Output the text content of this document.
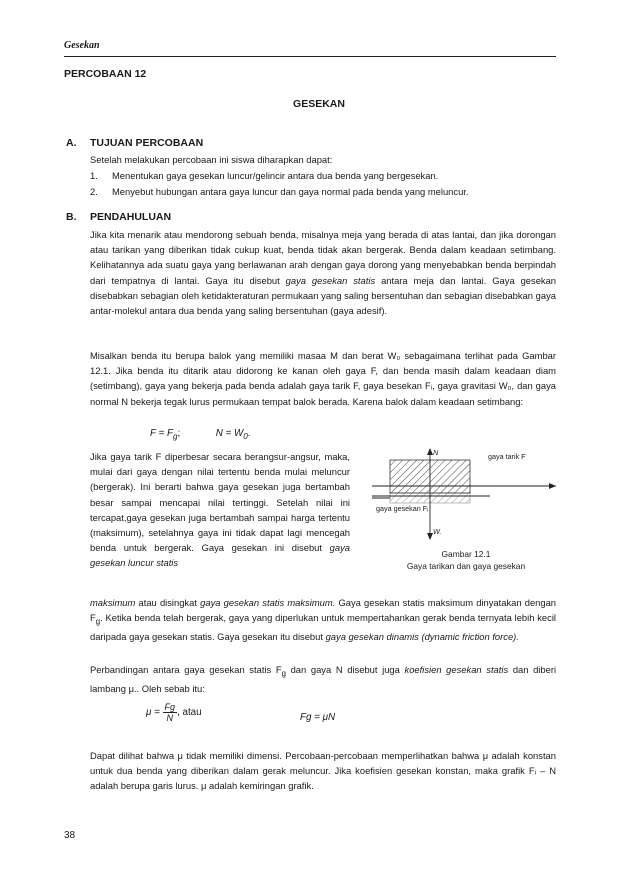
Gesekan
PERCOBAAN 12
GESEKAN
A. TUJUAN PERCOBAAN
Setelah melakukan percobaan ini siswa diharapkan dapat:
1. Menentukan gaya gesekan luncur/gelincir antara dua benda yang bergesekan.
2. Menyebut hubungan antara gaya luncur dan gaya normal pada benda yang meluncur.
B. PENDAHULUAN

Jika kita menarik atau mendorong sebuah benda, misalnya meja yang berada di atas lantai, dan jika dorongan atau tarikan yang diberikan tidak cukup kuat, benda tidak akan bergerak. Benda dalam keadaan setimbang. Kelihatannya ada suatu gaya yang berlawanan arah dengan gaya dorong yang menyebabkan benda berpindah dari tempatnya di lantai. Gaya itu disebut gaya gesekan statis antara meja dan lantai. Gaya gesekan disebabkan sebagian oleh ketidakteraturan permukaan yang saling bersentuhan dan sebagian disebabkan gaya antar-molekul antara dua benda yang saling bersentuhan (gaya adesif).

Misalkan benda itu berupa balok yang memiliki masaa M dan berat W₀ sebagaimana terlihat pada Gambar 12.1. Jika benda itu ditarik atau didorong ke kanan oleh gaya F, dan benda masih dalam keadaan diam (setimbang), gaya yang bekerja pada benda adalah gaya tarik F, gaya besekan Fᵢ, gaya gravitasi W₀, dan gaya normal N bekerja tegak lurus permukaan tempat balok berada. Karena balok dalam keadaan setimbang:
$F = F_g$;	$N = W_0$.

Jika gaya tarik F diperbesar secara berangsur-angsur, maka, mulai dari gaya dengan nilai tertentu benda mulai meluncur (bergerak). Ini berarti bahwa gaya gesekan juga bertambah besar sampai mencapai nilai tertinggi. Setelah nilai ini tercapat,gaya gesekan juga bertambah sampai harga tertentu (maksimum), setelahnya gaya ini tidak dapat lagi mencegah benda untuk bergerak. Gaya gesekan ini disebut gaya gesekan luncur statis

N	gaya tarik F
gaya gesekan Fᵢ
W.
Gambar 12.1
Gaya tarikan dan gaya gesekan

maksimum atau disingkat gaya gesekan statis maksimum. Gaya gesekan statis maksimum dinyatakan dengan $F_g$. Ketika benda telah bergerak, gaya yang diperlukan untuk mempertahankan gerak benda ternyata lebih kecil daripada gaya gesekan statis. Gaya gesekan itu disebut gaya gesekan dinamis (dynamic friction force).

Perbandingan antara gaya gesekan statis $F_g$ dan gaya N disebut juga koefisien gesekan statis dan diberi lambang μ.. Oleh sebab itu:

$\mu = \frac{Fg}{N}$ , atau	Fg = μN
Dapat dilihat bahwa μ tidak memiliki dimensi. Percobaan-percobaan memperlihatkan bahwa μ adalah konstan untuk dua benda yang diberikan dalam gerak meluncur. Jika koefisien gesekan konstan, maka grafik Fᵢ – N adalah berupa garis lurus. μ adalah kemiringan grafik.
38
